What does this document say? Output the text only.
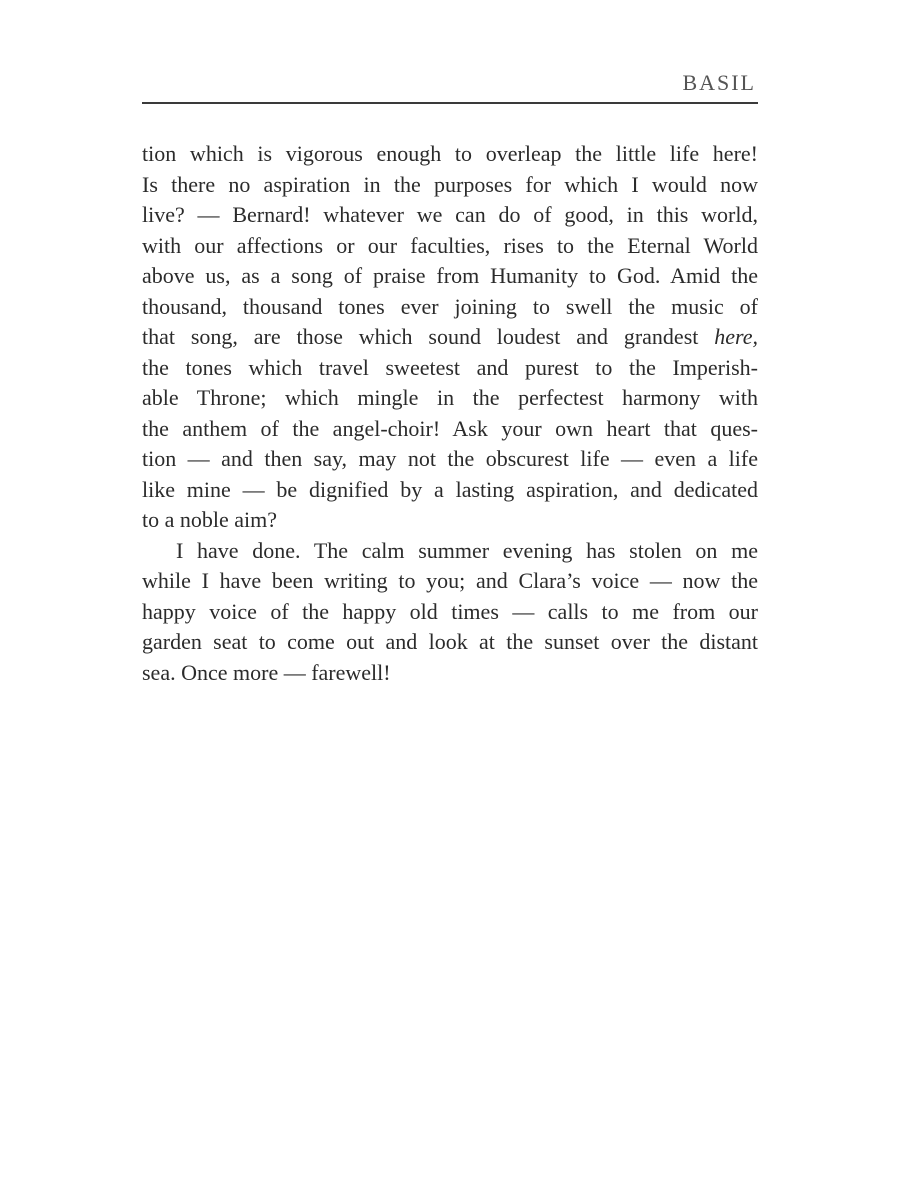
BASIL
tion which is vigorous enough to overleap the little life here!
Is there no aspiration in the purposes for which I would now
live? — Bernard! whatever we can do of good, in this world,
with our affections or our faculties, rises to the Eternal World
above us, as a song of praise from Humanity to God. Amid the
thousand, thousand tones ever joining to swell the music of
that song, are those which sound loudest and grandest here,
the tones which travel sweetest and purest to the Imperish-
able Throne; which mingle in the perfectest harmony with
the anthem of the angel-choir! Ask your own heart that ques-
tion — and then say, may not the obscurest life — even a life
like mine — be dignified by a lasting aspiration, and dedicated
to a noble aim?
I have done. The calm summer evening has stolen on me
while I have been writing to you; and Clara’s voice — now the
happy voice of the happy old times — calls to me from our
garden seat to come out and look at the sunset over the distant
sea. Once more — farewell!
